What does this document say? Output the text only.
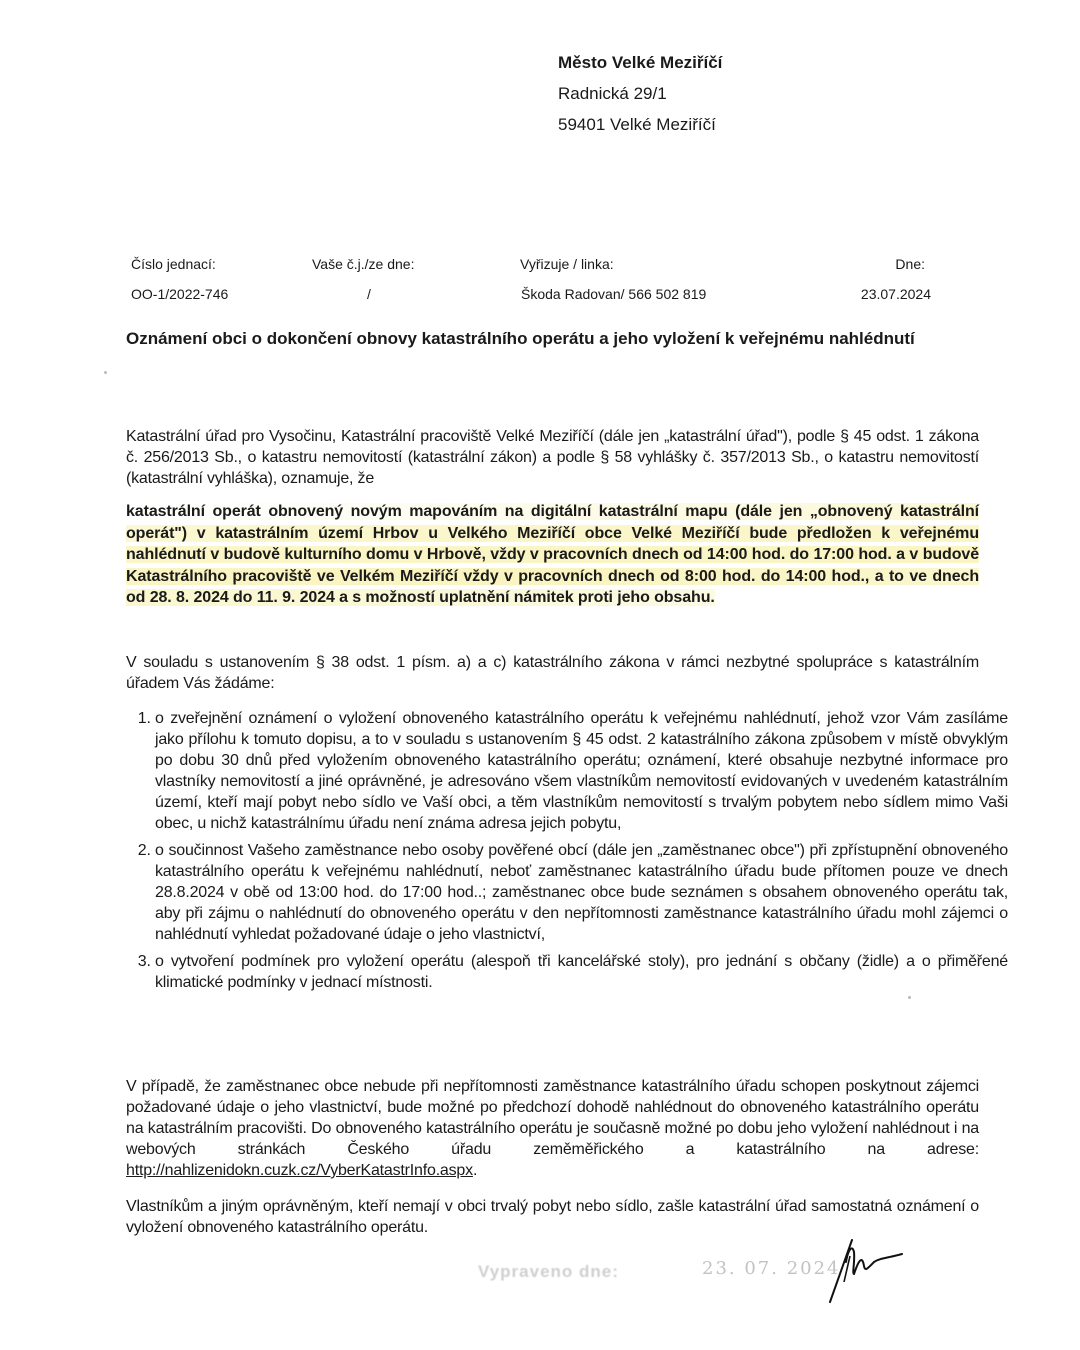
Město Velké Meziříčí
Radnická 29/1
59401 Velké Meziříčí
Číslo jednací:	Vaše č.j./ze dne:	Vyřizuje / linka:	Dne:
OO-1/2022-746	/	Škoda Radovan/ 566 502 819	23.07.2024
Oznámení obci o dokončení obnovy katastrálního operátu a jeho vyložení k veřejnému nahlédnutí
Katastrální úřad pro Vysočinu, Katastrální pracoviště Velké Meziříčí (dále jen „katastrální úřad"), podle § 45 odst. 1 zákona č. 256/2013 Sb., o katastru nemovitostí (katastrální zákon) a podle § 58 vyhlášky č. 357/2013 Sb., o katastru nemovitostí (katastrální vyhláška), oznamuje, že
katastrální operát obnovený novým mapováním na digitální katastrální mapu (dále jen „obnovený katastrální operát") v katastrálním území Hrbov u Velkého Meziříčí obce Velké Meziříčí bude předložen k veřejnému nahlédnutí v budově kulturního domu v Hrbově, vždy v pracovních dnech od 14:00 hod. do 17:00 hod. a v budově Katastrálního pracoviště ve Velkém Meziříčí vždy v pracovních dnech od 8:00 hod. do 14:00 hod., a to ve dnech od 28. 8. 2024 do 11. 9. 2024 a s možností uplatnění námitek proti jeho obsahu.
V souladu s ustanovením § 38 odst. 1 písm. a) a c) katastrálního zákona v rámci nezbytné spolupráce s katastrálním úřadem Vás žádáme:
1. o zveřejnění oznámení o vyložení obnoveného katastrálního operátu k veřejnému nahlédnutí, jehož vzor Vám zasíláme jako přílohu k tomuto dopisu, a to v souladu s ustanovením § 45 odst. 2 katastrálního zákona způsobem v místě obvyklým po dobu 30 dnů před vyložením obnoveného katastrálního operátu; oznámení, které obsahuje nezbytné informace pro vlastníky nemovitostí a jiné oprávněné, je adresováno všem vlastníkům nemovitostí evidovaných v uvedeném katastrálním území, kteří mají pobyt nebo sídlo ve Vaší obci, a těm vlastníkům nemovitostí s trvalým pobytem nebo sídlem mimo Vaši obec, u nichž katastrálnímu úřadu není známa adresa jejich pobytu,
2. o součinnost Vašeho zaměstnance nebo osoby pověřené obcí (dále jen „zaměstnanec obce") při zpřístupnění obnoveného katastrálního operátu k veřejnému nahlédnutí, neboť zaměstnanec katastrálního úřadu bude přítomen pouze ve dnech 28.8.2024 v obě od 13:00 hod. do 17:00 hod..; zaměstnanec obce bude seznámen s obsahem obnoveného operátu tak, aby při zájmu o nahlédnutí do obnoveného operátu v den nepřítomnosti zaměstnance katastrálního úřadu mohl zájemci o nahlédnutí vyhledat požadované údaje o jeho vlastnictví,
3. o vytvoření podmínek pro vyložení operátu (alespoň tři kancelářské stoly), pro jednání s občany (židle) a o přiměřené klimatické podmínky v jednací místnosti.
V případě, že zaměstnanec obce nebude při nepřítomnosti zaměstnance katastrálního úřadu schopen poskytnout zájemci požadované údaje o jeho vlastnictví, bude možné po předchozí dohodě nahlédnout do obnoveného katastrálního operátu na katastrálním pracovišti. Do obnoveného katastrálního operátu je současně možné po dobu jeho vyložení nahlédnout i na webových stránkách Českého úřadu zeměměřického a katastrálního na adrese: http://nahlizenidokn.cuzk.cz/VyberKatastrInfo.aspx.
Vlastníkům a jiným oprávněným, kteří nemají v obci trvalý pobyt nebo sídlo, zašle katastrální úřad samostatná oznámení o vyložení obnoveného katastrálního operátu.
Vypraveno dne:	23. 07. 2024
